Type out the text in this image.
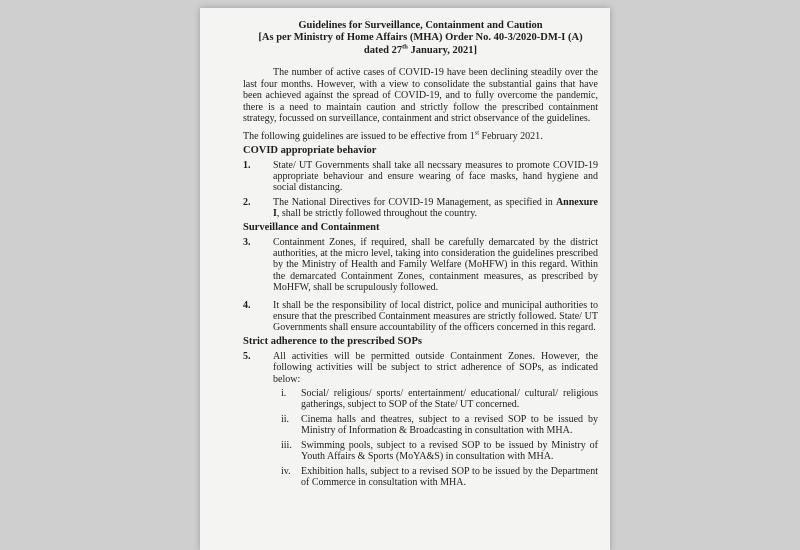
Guidelines for Surveillance, Containment and Caution
[As per Ministry of Home Affairs (MHA) Order No. 40-3/2020-DM-I (A)
dated 27th January, 2021]

The number of active cases of COVID-19 have been declining steadily over the last four months. However, with a view to consolidate the substantial gains that have been achieved against the spread of COVID-19, and to fully overcome the pandemic, there is a need to maintain caution and strictly follow the prescribed containment strategy, focussed on surveillance, containment and strict observance of the guidelines.

The following guidelines are issued to be effective from 1st February 2021.

COVID appropriate behavior
1.	State/ UT Governments shall take all necssary measures to promote COVID-19 appropriate behaviour and ensure wearing of face masks, hand hygiene and social distancing.
2.	The National Directives for COVID-19 Management, as specified in Annexure I, shall be strictly followed throughout the country.
Surveillance and Containment
3.	Containment Zones, if required, shall be carefully demarcated by the district authorities, at the micro level, taking into consideration the guidelines prescribed by the Ministry of Health and Family Welfare (MoHFW) in this regard. Within the demarcated Containment Zones, containment measures, as prescribed by MoHFW, shall be scrupulously followed.
4.	It shall be the responsibility of local district, police and municipal authorities to ensure that the prescribed Containment measures are strictly followed. State/ UT Governments shall ensure accountability of the officers concerned in this regard.
Strict adherence to the prescribed SOPs
5.	All activities will be permitted outside Containment Zones. However, the following activities will be subject to strict adherence of SOPs, as indicated below:
i.	Social/ religious/ sports/ entertainment/ educational/ cultural/ religious gatherings, subject to SOP of the State/ UT concerned.
ii.	Cinema halls and theatres, subject to a revised SOP to be issued by Ministry of Information & Broadcasting in consultation with MHA.
iii. Swimming pools, subject to a revised SOP to be issued by Ministry of Youth Affairs & Sports (MoYA&S) in consultation with MHA.
iv.	Exhibition halls, subject to a revised SOP to be issued by the Department of Commerce in consultation with MHA.
